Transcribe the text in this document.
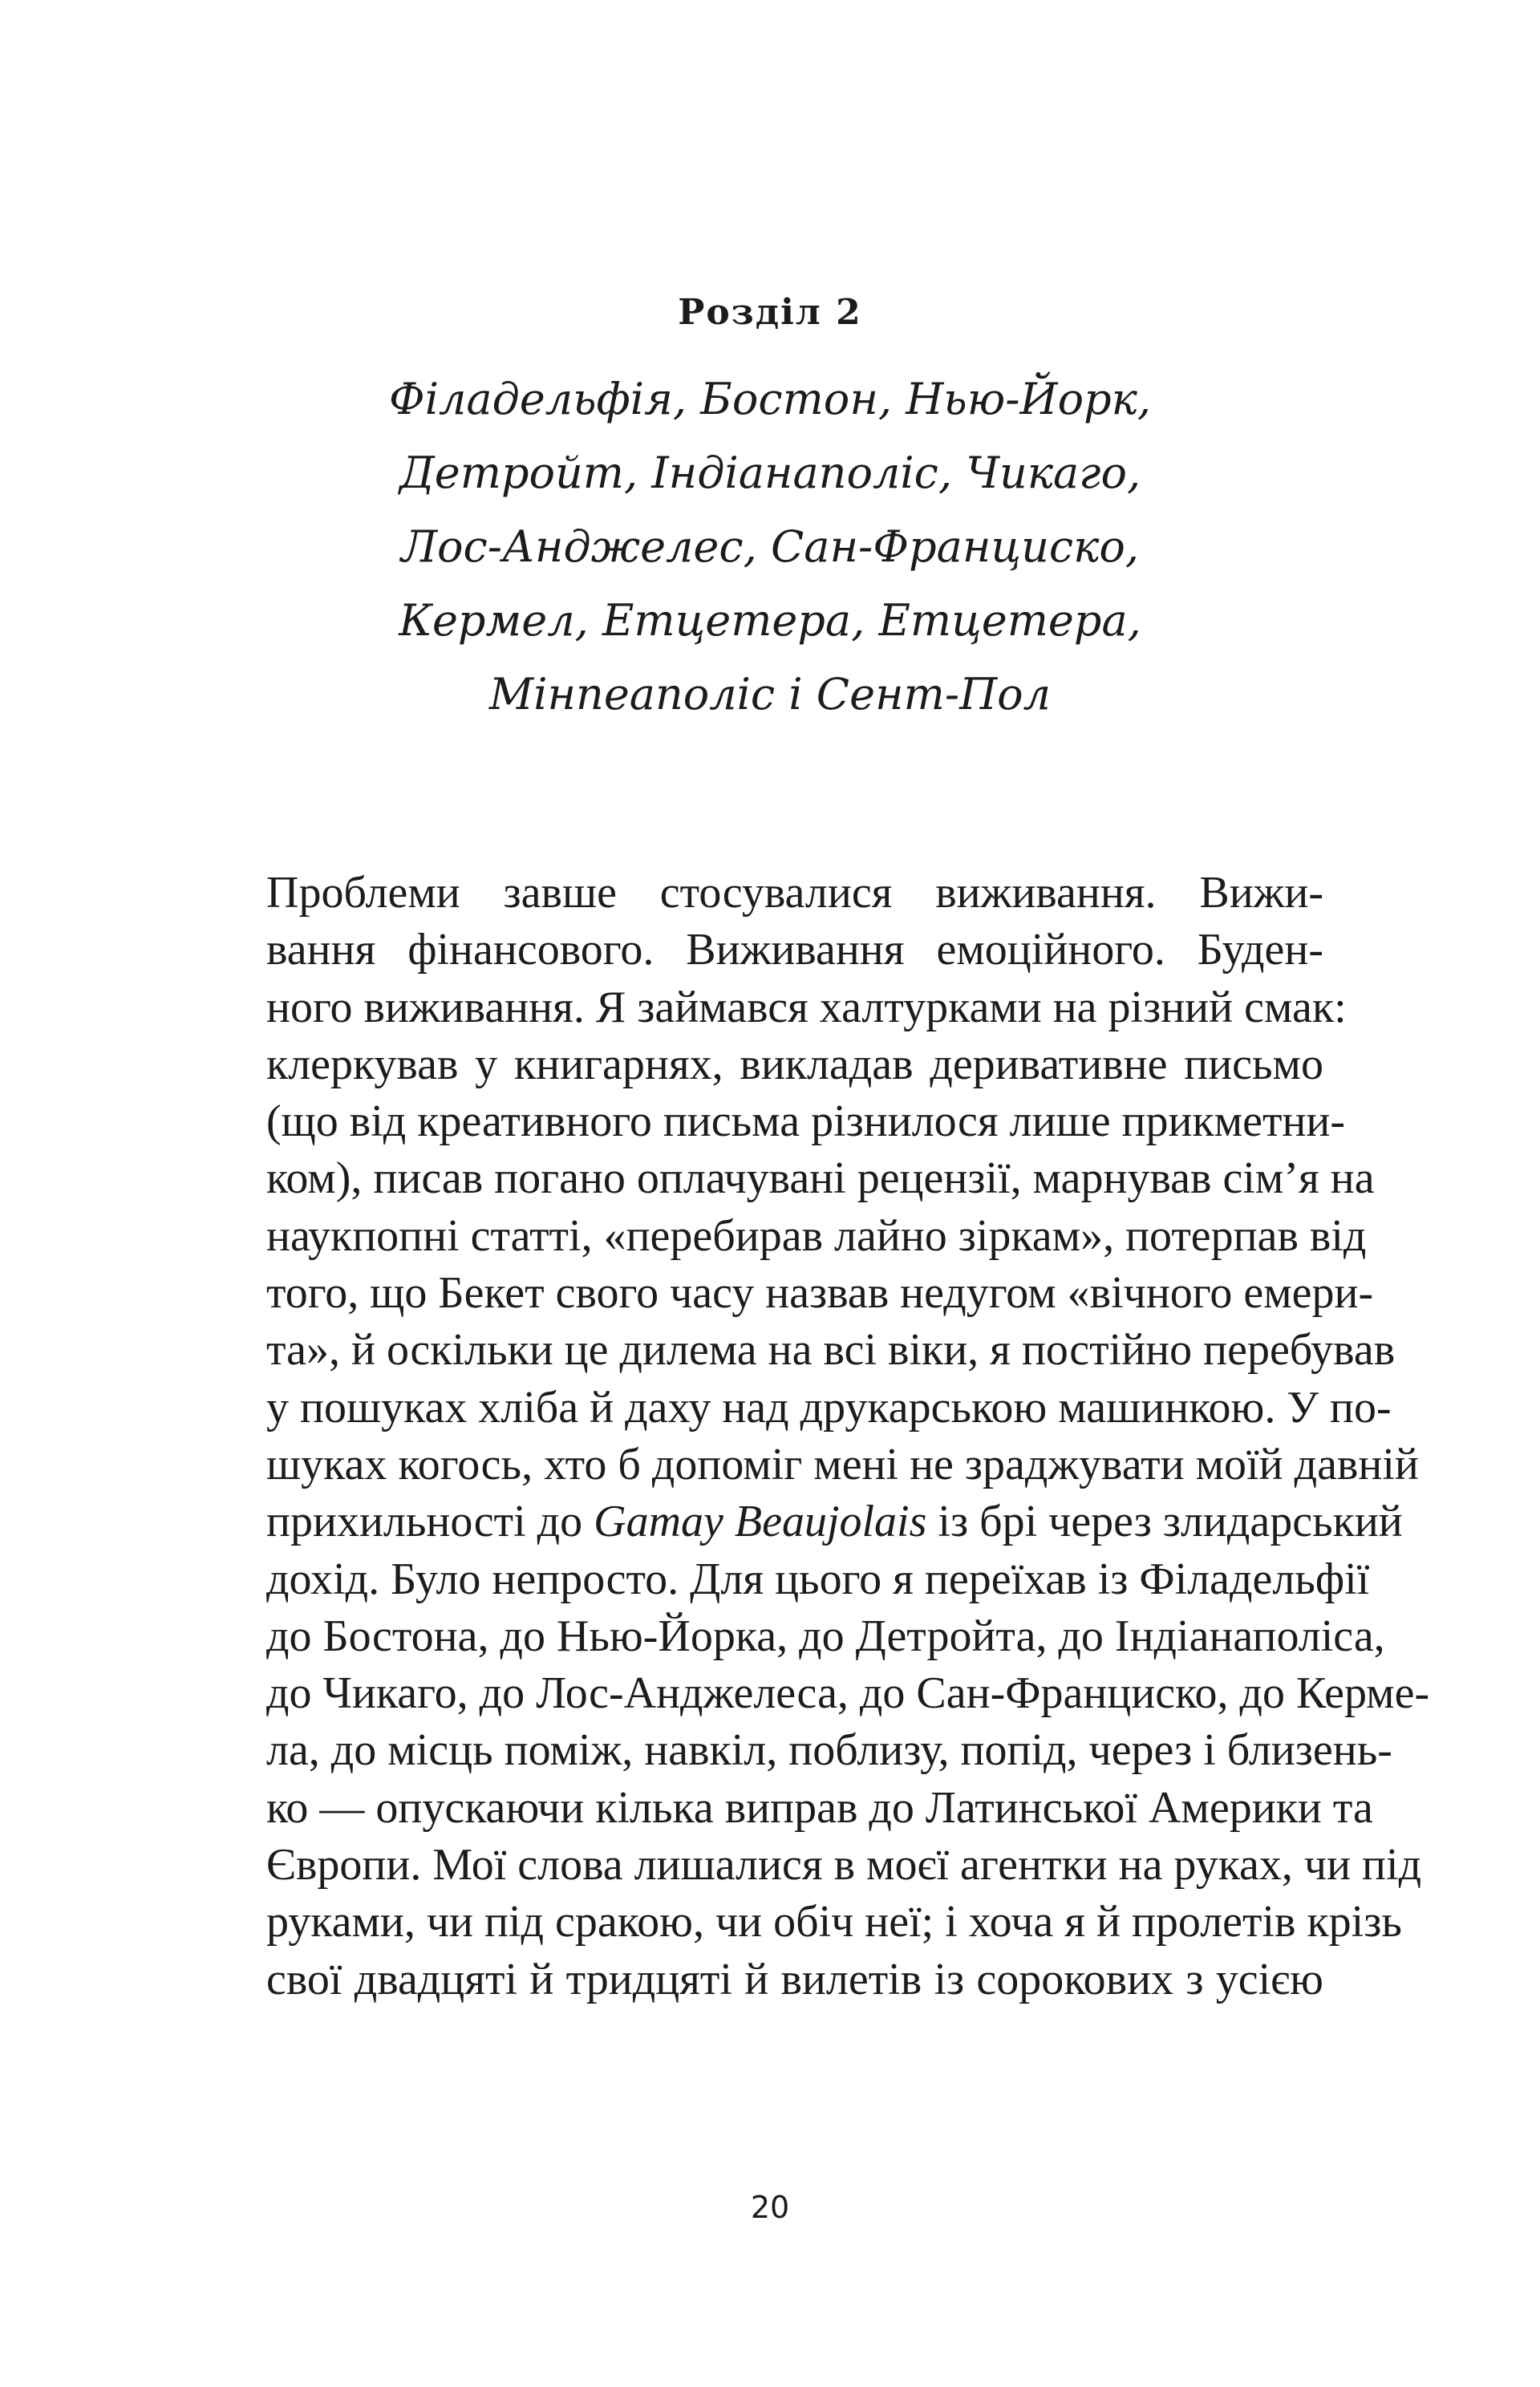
Розділ 2
Філадельфія, Бостон, Нью-Йорк,
Детройт, Індіанаполіс, Чикаго,
Лос-Анджелес, Сан-Франциско,
Кермел, Етцетера, Етцетера,
Мінneaполіс і Сент-Пол
Проблеми завше стосувалися виживання. Вижи-
вання фінансового. Виживання емоційного. Буден-
ного виживання. Я займався халтурками на різний смак:
клеркував у книгарнях, викладав деривативне письмо
(що від креативного письма різнилося лише прикметни-
ком), писав погано оплачувані рецензії, марнував сім’я на
наукпопні статті, «перебирав лайно зіркам», потерпав від
того, що Бекет свого часу назвав недугом «вічного емери-
та», й оскільки це дилема на всі віки, я постійно перебував
у пошуках хліба й даху над друкарською машинкою. У по-
шуках когось, хто б допоміг мені не зраджувати моїй давній
прихильності до Gamay Beaujolais із брі через злидарський
дохід. Було непросто. Для цього я переїхав із Філадельфії
до Бостона, до Нью-Йорка, до Детройта, до Індіанаполіса,
до Чикаго, до Лос-Анджелеса, до Сан-Франциско, до Керме-
ла, до місць поміж, навкіл, поблизу, попід, через і близень-
ко — опускаючи кілька виправ до Латинської Америки та
Європи. Мої слова лишалися в моєї агентки на руках, чи під
руками, чи під сракою, чи обіч неї; і хоча я й пролетів крізь
свої двадцяті й тридцяті й вилетів із сорокових з усією
20
